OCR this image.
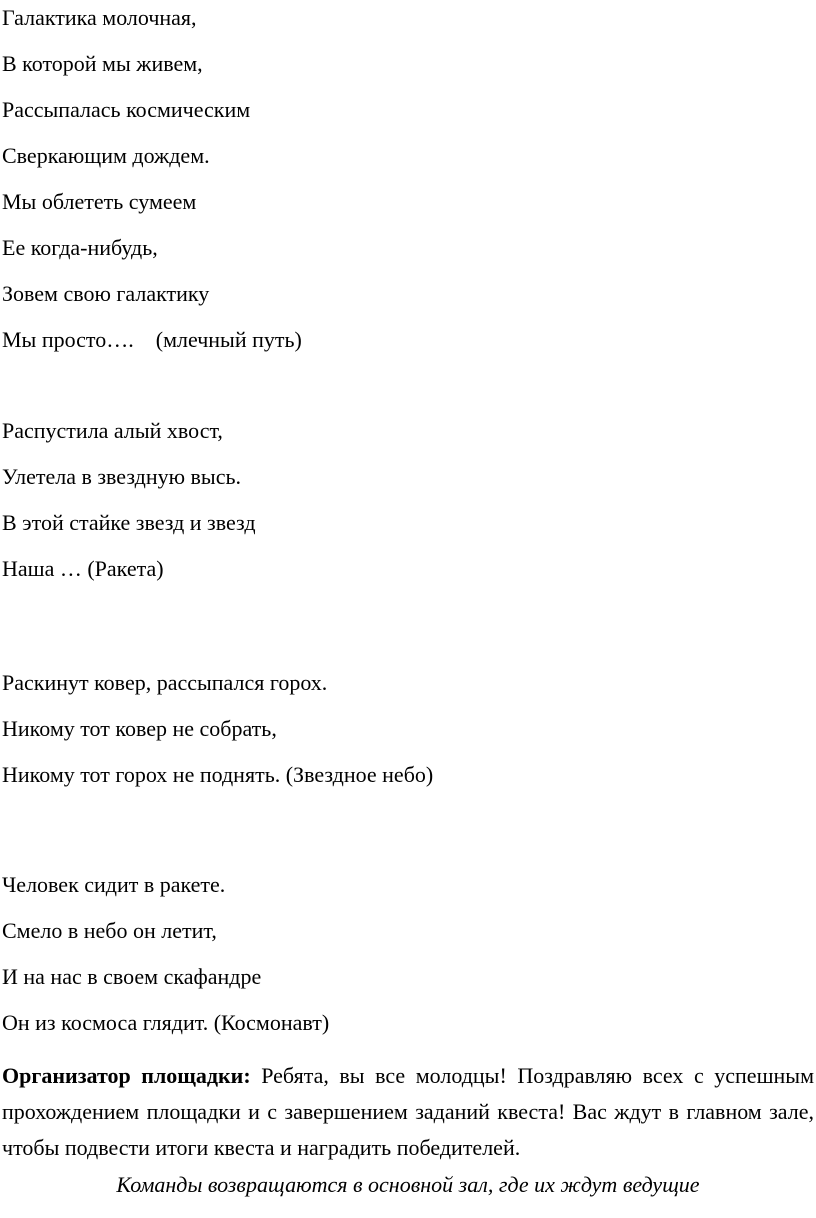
Галактика молочная,
В которой мы живем,
Рассыпалась космическим
Сверкающим дождем.
Мы облететь сумеем
Ее когда-нибудь,
Зовем свою галактику
Мы просто….    (млечный путь)
Распустила алый хвост,
Улетела в звездную высь.
В этой стайке звезд и звезд
Наша … (Ракета)
Раскинут ковер, рассыпался горох.
Никому тот ковер не собрать,
Никому тот горох не поднять. (Звездное небо)
Человек сидит в ракете.
Смело в небо он летит,
И на нас в своем скафандре
Он из космоса глядит. (Космонавт)
Организатор площадки: Ребята, вы все молодцы! Поздравляю всех с успешным прохождением площадки и с завершением заданий квеста! Вас ждут в главном зале, чтобы подвести итоги квеста и наградить победителей.
Команды возвращаются в основной зал, где их ждут ведущие
